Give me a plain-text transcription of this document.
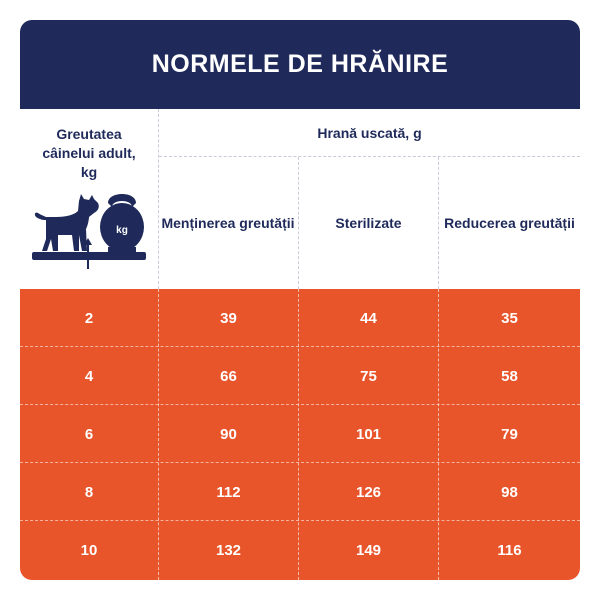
NORMELE DE HRĂNIRE
Greutatea câinelui adult, kg
kg
Hrană uscată, g
Menținerea greutății	Sterilizate	Reducerea greutății
2	39	44	35
4	66	75	58
6	90	101	79
8	112	126	98
10	132	149	116
